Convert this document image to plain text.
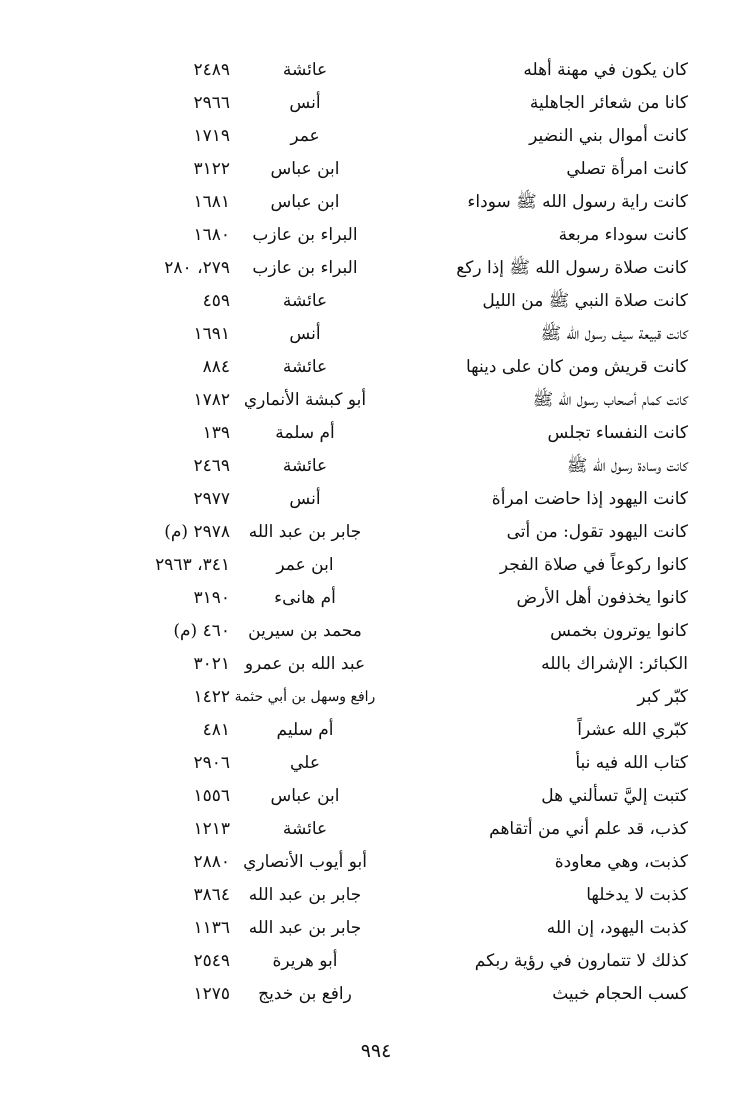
كان يكون في مهنة أهله
عائشة
٢٤٨٩
كانا من شعائر الجاهلية
أنس
٢٩٦٦
كانت أموال بني النضير
عمر
١٧١٩
كانت امرأة تصلي
ابن عباس
٣١٢٢
كانت راية رسول الله ﷺ سوداء
ابن عباس
١٦٨١
كانت سوداء مربعة
البراء بن عازب
١٦٨٠
كانت صلاة رسول الله ﷺ إذا ركع
البراء بن عازب
٢٧٩، ٢٨٠
كانت صلاة النبي ﷺ من الليل
عائشة
٤٥٩
كانت قبيعة سيف رسول الله ﷺ
أنس
١٦٩١
كانت قريش ومن كان على دينها
عائشة
٨٨٤
كانت كمام أصحاب رسول الله ﷺ
أبو كبشة الأنماري
١٧٨٢
كانت النفساء تجلس
أم سلمة
١٣٩
كانت وسادة رسول الله ﷺ
عائشة
٢٤٦٩
كانت اليهود إذا حاضت امرأة
أنس
٢٩٧٧
كانت اليهود تقول: من أتى
جابر بن عبد الله
٢٩٧٨ (م)
كانوا ركوعاً في صلاة الفجر
ابن عمر
٣٤١، ٢٩٦٣
كانوا يخذفون أهل الأرض
أم هانىء
٣١٩٠
كانوا يوترون بخمس
محمد بن سيرين
٤٦٠ (م)
الكبائر: الإشراك بالله
عبد الله بن عمرو
٣٠٢١
كبّر كبر
رافع وسهل بن أبي حثمة
١٤٢٢
كبّري الله عشراً
أم سليم
٤٨١
كتاب الله فيه نبأ
علي
٢٩٠٦
كتبت إليَّ تسألني هل
ابن عباس
١٥٥٦
كذب، قد علم أني من أتقاهم
عائشة
١٢١٣
كذبت، وهي معاودة
أبو أيوب الأنصاري
٢٨٨٠
كذبت لا يدخلها
جابر بن عبد الله
٣٨٦٤
كذبت اليهود، إن الله
جابر بن عبد الله
١١٣٦
كذلك لا تتمارون في رؤية ربكم
أبو هريرة
٢٥٤٩
كسب الحجام خبيث
رافع بن خديج
١٢٧٥
٩٩٤
